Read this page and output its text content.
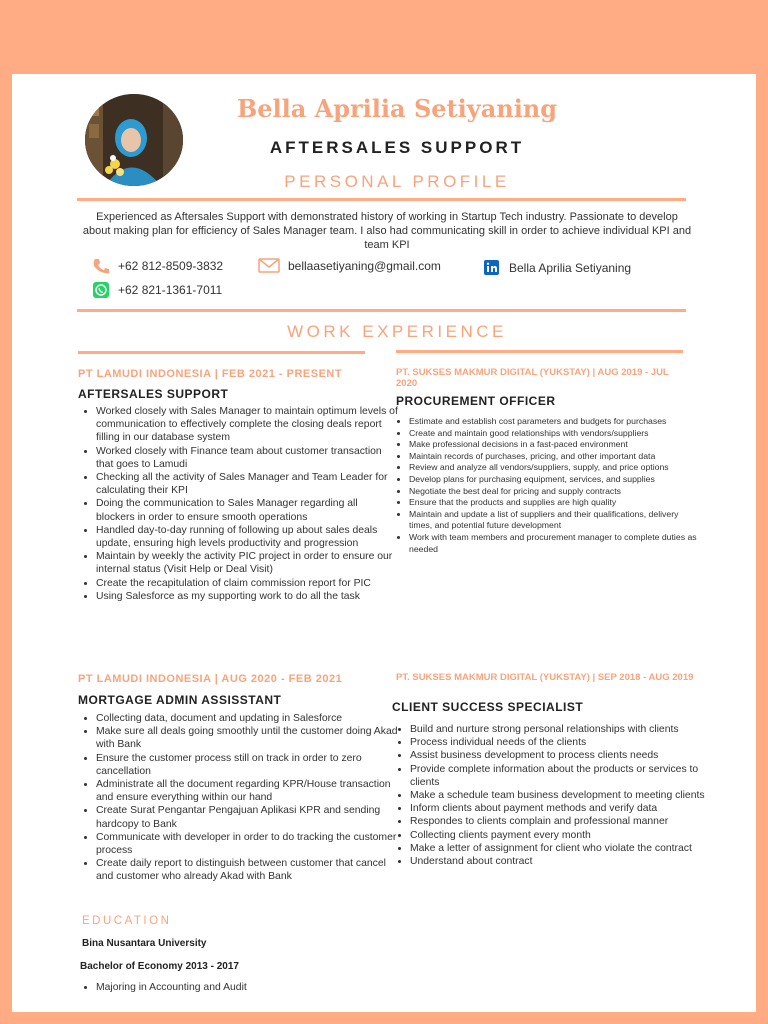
Bella Aprilia Setiyaning
AFTERSALES SUPPORT
PERSONAL PROFILE
Experienced as Aftersales Support with demonstrated history of working in Startup Tech industry. Passionate to develop about making plan for efficiency of Sales Manager team. I also had communicating skill in order to achieve individual KPI and team KPI
+62 812-8509-3832
+62 821-1361-7011
bellaasetiyaning@gmail.com	Bella Aprilia Setiyaning
WORK EXPERIENCE
PT LAMUDI INDONESIA | FEB 2021 - PRESENT
AFTERSALES SUPPORT
• Worked closely with Sales Manager to maintain optimum levels of communication to effectively complete the closing deals report filling in our database system
• Worked closely with Finance team about customer transaction that goes to Lamudi
• Checking all the activity of Sales Manager and Team Leader for calculating their KPI
• Doing the communication to Sales Manager regarding all blockers in order to ensure smooth operations
• Handled day-to-day running of following up about sales deals update, ensuring high levels productivity and progression
• Maintain by weekly the activity PIC project in order to ensure our internal status (Visit Help or Deal Visit)
• Create the recapitulation of claim commission report for PIC
• Using Salesforce as my supporting work to do all the task
PT. SUKSES MAKMUR DIGITAL (YUKSTAY) | AUG 2019 - JUL 2020
PROCUREMENT OFFICER
• Estimate and establish cost parameters and budgets for purchases
• Create and maintain good relationships with vendors/suppliers
• Make professional decisions in a fast-paced environment
• Maintain records of purchases, pricing, and other important data
• Review and analyze all vendors/suppliers, supply, and price options
• Develop plans for purchasing equipment, services, and supplies
• Negotiate the best deal for pricing and supply contracts
• Ensure that the products and supplies are high quality
• Maintain and update a list of suppliers and their qualifications, delivery times, and potential future development
• Work with team members and procurement manager to complete duties as needed
PT LAMUDI INDONESIA | AUG 2020 - FEB 2021
MORTGAGE ADMIN ASSISSTANT
• Collecting data, document and updating in Salesforce
• Make sure all deals going smoothly until the customer doing Akad with Bank
• Ensure the customer process still on track in order to zero cancellation
• Administrate all the document regarding KPR/House transaction and ensure everything within our hand
• Create Surat Pengantar Pengajuan Aplikasi KPR and sending hardcopy to Bank
• Communicate with developer in order to do tracking the customer process
• Create daily report to distinguish between customer that cancel and customer who already Akad with Bank
PT. SUKSES MAKMUR DIGITAL (YUKSTAY) | SEP 2018 - AUG 2019
CLIENT SUCCESS SPECIALIST
• Build and nurture strong personal relationships with clients
• Process individual needs of the clients
• Assist business development to process clients needs
• Provide complete information about the products or services to clients
• Make a schedule team business development to meeting clients
• Inform clients about payment methods and verify data
• Respondes to clients complain and professional manner
• Collecting clients payment every month
• Make a letter of assignment for client who violate the contract
• Understand about contract
EDUCATION
Bina Nusantara University
Bachelor of Economy 2013 - 2017
• Majoring in Accounting and Audit
